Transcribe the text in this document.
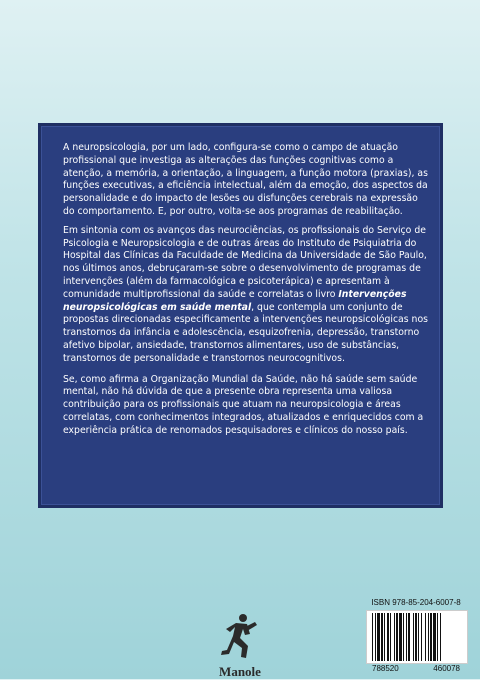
A neuropsicologia, por um lado, configura-se como o campo de atuação profissional que investiga as alterações das funções cognitivas como a atenção, a memória, a orientação, a linguagem, a função motora (praxias), as funções executivas, a eficiência intelectual, além da emoção, dos aspectos da personalidade e do impacto de lesões ou disfunções cerebrais na expressão do comportamento. E, por outro, volta-se aos programas de reabilitação.

Em sintonia com os avanços das neurociências, os profissionais do Serviço de Psicologia e Neuropsicologia e de outras áreas do Instituto de Psiquiatria do Hospital das Clínicas da Faculdade de Medicina da Universidade de São Paulo, nos últimos anos, debruçaram-se sobre o desenvolvimento de programas de intervenções (além da farmacológica e psicoterápica) e apresentam à comunidade multiprofissional da saúde e correlatas o livro Intervenções neuropsicológicas em saúde mental, que contempla um conjunto de propostas direcionadas especificamente a intervenções neuropsicológicas nos transtornos da infância e adolescência, esquizofrenia, depressão, transtorno afetivo bipolar, ansiedade, transtornos alimentares, uso de substâncias, transtornos de personalidade e transtornos neurocognitivos.

Se, como afirma a Organização Mundial da Saúde, não há saúde sem saúde mental, não há dúvida de que a presente obra representa uma valiosa contribuição para os profissionais que atuam na neuropsicologia e áreas correlatas, com conhecimentos integrados, atualizados e enriquecidos com a experiência prática de renomados pesquisadores e clínicos do nosso país.

Manole
ISBN 978-85-204-6007-8
788520	460078
